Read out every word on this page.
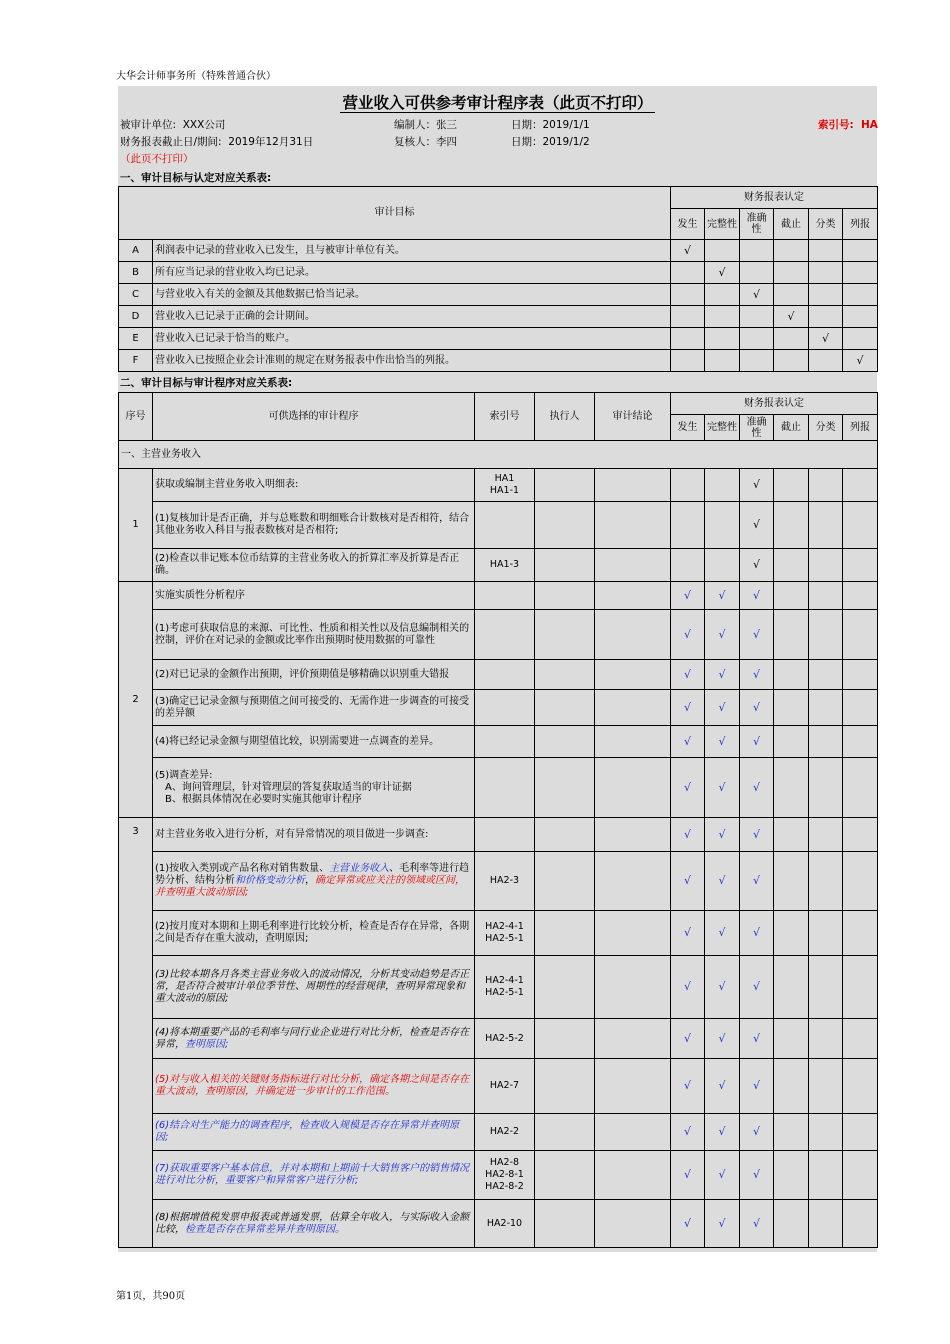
大华会计师事务所（特殊普通合伙）
营业收入可供参考审计程序表（此页不打印）
被审计单位: XXX公司	编制人：张三	日期：2019/1/1	索引号: HA
财务报表截止日/期间: 2019年12月31日	复核人：李四	日期：2019/1/2
（此页不打印）
一、审计目标与认定对应关系表:
审计目标		财务报表认定					
		发生	完整性	准确性	截止	分类	列报
A	利润表中记录的营业收入已发生，且与被审计单位有关。	√					
B	所有应当记录的营业收入均已记录。		√				
C	与营业收入有关的金额及其他数据已恰当记录。			√			
D	营业收入已记录于正确的会计期间。				√		
E	营业收入已记录于恰当的账户。					√	
F	营业收入已按照企业会计准则的规定在财务报表中作出恰当的列报。						√
二、审计目标与审计程序对应关系表:
序号	可供选择的审计程序	索引号	执行人	审计结论	财务报表认定					
					发生	完整性	准确性	截止	分类	列报
一、主营业务收入										
1	获取或编制主营业务收入明细表:	HA1
HA1-1					√			
	(1)复核加计是否正确，并与总账数和明细账合计数核对是否相符，结合其他业务收入科目与报表数核对是否相符;						√			
	(2)检查以非记账本位币结算的主营业务收入的折算汇率及折算是否正确。	HA1-3					√			
2	实施实质性分析程序				√	√	√			
	(1)考虑可获取信息的来源、可比性、性质和相关性以及信息编制相关的控制，评价在对记录的金额或比率作出预期时使用数据的可靠性				√	√	√			
	(2)对已记录的金额作出预期，评价预期值是够精确以识别重大错报				√	√	√			
	(3)确定已记录金额与预期值之间可接受的、无需作进一步调查的可接受的差异额				√	√	√			
	(4)将已经记录金额与期望值比较，识别需要进一点调查的差异。				√	√	√			

	(5)调查差异:
A、询问管理层，针对管理层的答复获取适当的审计证据
B、根据具体情况在必要时实施其他审计程序				√	√	√			
3	对主营业务收入进行分析，对有异常情况的项目做进一步调查:				√	√	√			
	(1)按收入类别或产品名称对销售数量、主营业务收入、毛利率等进行趋势分析、结构分析和价格变动分析，确定异常或应关注的领域或区间，并查明重大波动原因;	HA2-3			√	√	√			
	(2)按月度对本期和上期毛利率进行比较分析，检查是否存在异常，各期之间是否存在重大波动，查明原因;	HA2-4-1
HA2-5-1			√	√	√			
	(3)比较本期各月各类主营业务收入的波动情况，分析其变动趋势是否正常，是否符合被审计单位季节性、周期性的经营规律，查明异常现象和重大波动的原因;	HA2-4-1
HA2-5-1			√	√	√			
	(4)将本期重要产品的毛利率与同行业企业进行对比分析，检查是否存在异常，查明原因;	HA2-5-2			√	√	√			
	(5)对与收入相关的关键财务指标进行对比分析，确定各期之间是否存在重大波动，查明原因，并确定进一步审计的工作范围。	HA2-7			√	√	√			
	(6)结合对生产能力的调查程序，检查收入规模是否存在异常并查明原因;	HA2-2			√	√	√			
	(7)获取重要客户基本信息，并对本期和上期前十大销售客户的销售情况进行对比分析，重要客户和异常客户进行分析;	HA2-8
HA2-8-1
HA2-8-2			√	√	√			
	(8)根据增值税发票申报表或普通发票，估算全年收入，与实际收入金额比较，检查是否存在异常差异并查明原因。	HA2-10			√	√	√			
第1页，共90页
